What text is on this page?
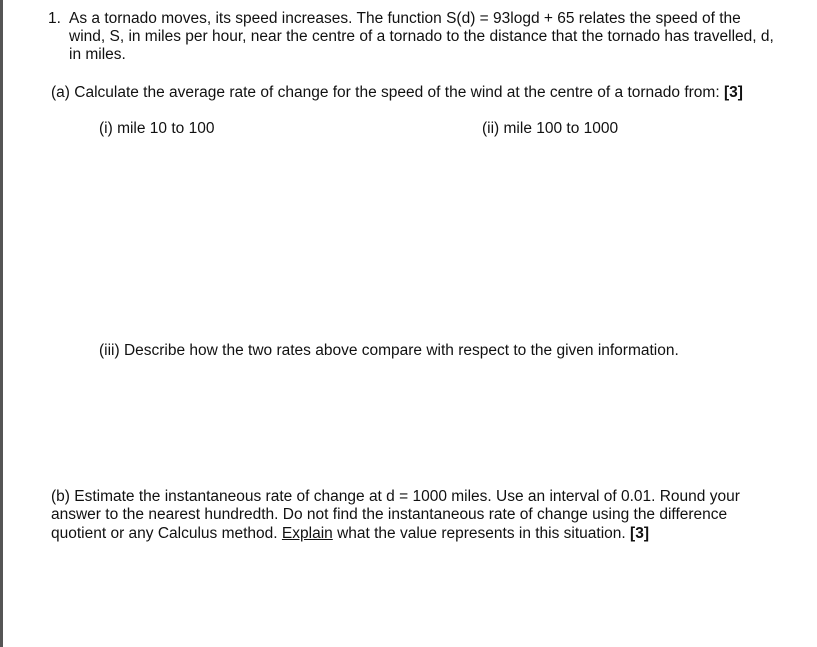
1. As a tornado moves, its speed increases. The function S(d) = 93logd + 65 relates the speed of the wind, S, in miles per hour, near the centre of a tornado to the distance that the tornado has travelled, d, in miles.
(a) Calculate the average rate of change for the speed of the wind at the centre of a tornado from: [3]
(i) mile 10 to 100	(ii) mile 100 to 1000
(iii) Describe how the two rates above compare with respect to the given information.
(b) Estimate the instantaneous rate of change at d = 1000 miles. Use an interval of 0.01. Round your
answer to the nearest hundredth. Do not find the instantaneous rate of change using the difference
quotient or any Calculus method. Explain what the value represents in this situation. [3]
